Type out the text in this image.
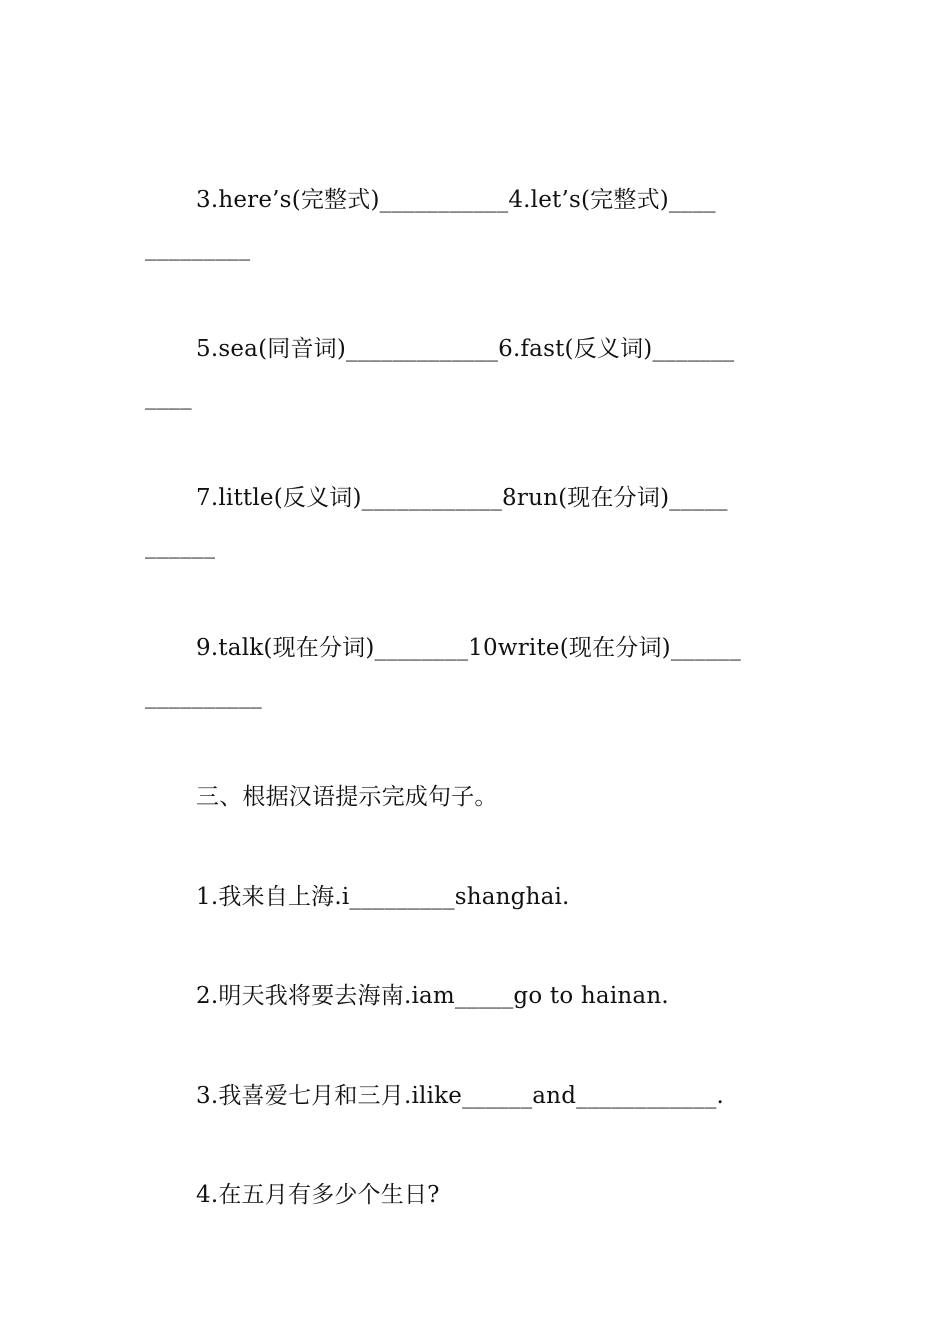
3.here’s(完整式)___________4.let’s(完整式)____
_________
5.sea(同音词)_____________6.fast(反义词)_______
____
7.little(反义词)____________8run(现在分词)_____
______
9.talk(现在分词)________10write(现在分词)______
__________
三、根据汉语提示完成句子。
1.我来自上海.i_________shanghai.
2.明天我将要去海南.iam_____go to hainan.
3.我喜爱七月和三月.ilike______and____________.
4.在五月有多少个生日?
